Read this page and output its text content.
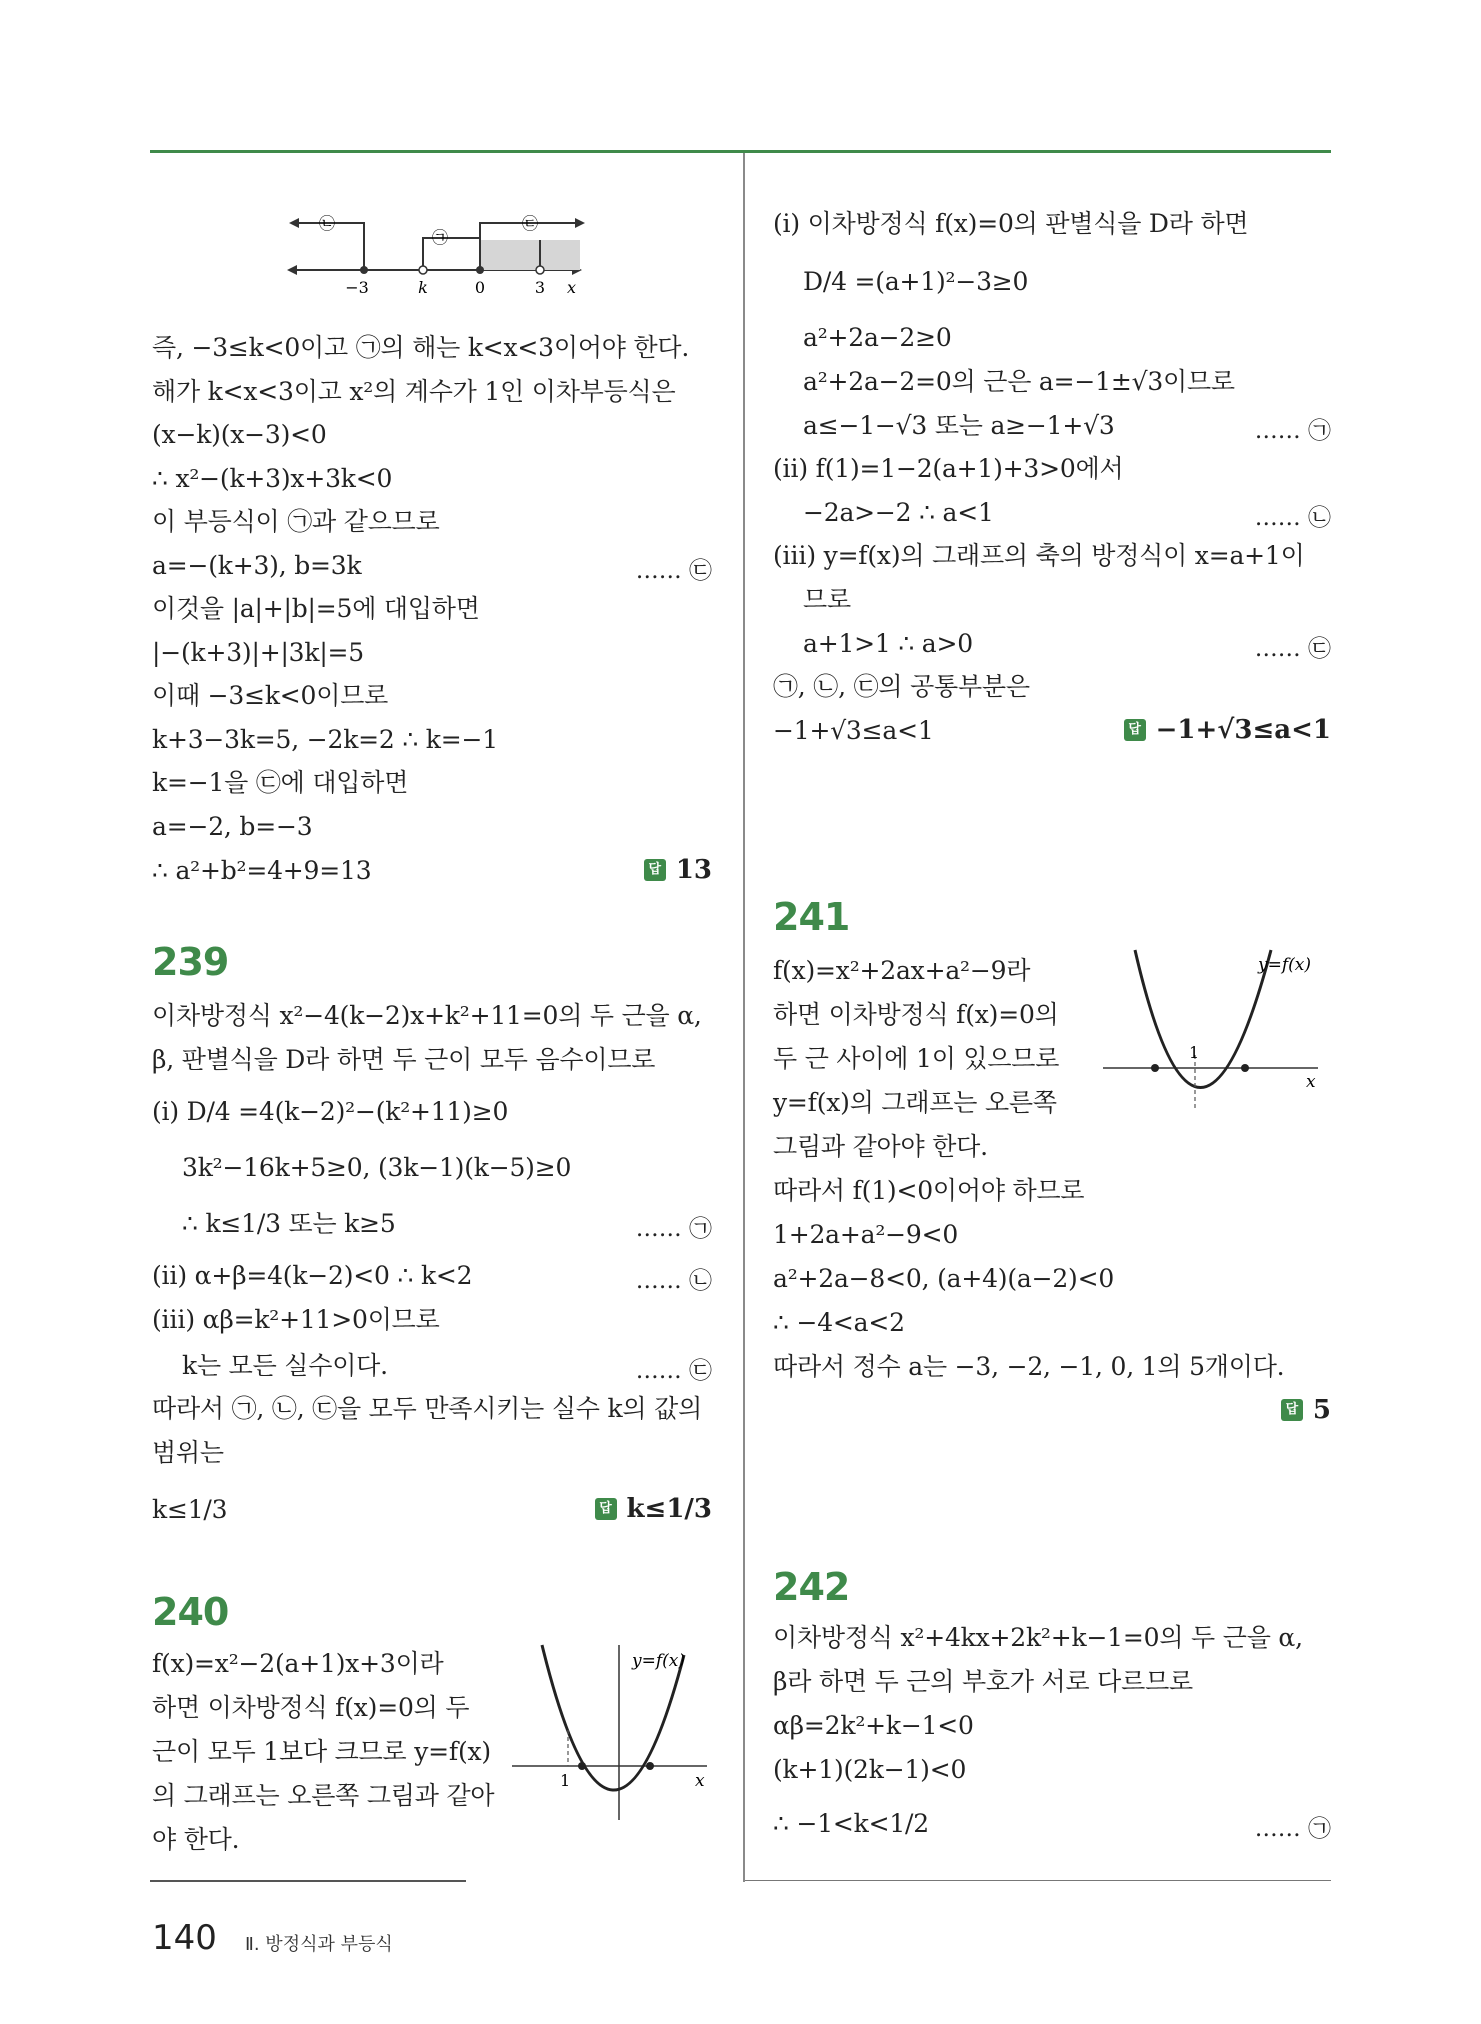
㉡
㉠
㉢
−3	k	0	3 x
즉, −3≤k<0이고 ㉠의 해는 k<x<3이어야 한다.
해가 k<x<3이고 x²의 계수가 1인 이차부등식은
(x−k)(x−3)<0
∴ x²−(k+3)x+3k<0
이 부등식이 ㉠과 같으므로
a=−(k+3), b=3k	…… ㉢
이것을 |a|+|b|=5에 대입하면
|−(k+3)|+|3k|=5
이때 −3≤k<0이므로
k+3−3k=5, −2k=2 ∴ k=−1
k=−1을 ㉢에 대입하면
a=−2, b=−3
∴ a²+b²=4+9=13	답 13
239
이차방정식 x²−4(k−2)x+k²+11=0의 두 근을 α,
β, 판별식을 D라 하면 두 근이 모두 음수이므로
(ⅰ) D/4 =4(k−2)²−(k²+11)≥0
3k²−16k+5≥0, (3k−1)(k−5)≥0
∴ k≤1/3 또는 k≥5	…… ㉠
(ⅱ) α+β=4(k−2)<0 ∴ k<2	…… ㉡
(ⅲ) αβ=k²+11>0이므로
k는 모든 실수이다.	…… ㉢
따라서 ㉠, ㉡, ㉢을 모두 만족시키는 실수 k의 값의
범위는
k≤1/3	답 k≤1/3
240
f(x)=x²−2(a+1)x+3이라
하면 이차방정식 f(x)=0의 두
근이 모두 1보다 크므로 y=f(x)
의 그래프는 오른쪽 그림과 같아
야 한다.
y=f(x)
1	x
(ⅰ) 이차방정식 f(x)=0의 판별식을 D라 하면
D/4 =(a+1)²−3≥0
a²+2a−2≥0
a²+2a−2=0의 근은 a=−1±√3이므로
a≤−1−√3 또는 a≥−1+√3	…… ㉠
(ⅱ) f(1)=1−2(a+1)+3>0에서
−2a>−2 ∴ a<1	…… ㉡
(ⅲ) y=f(x)의 그래프의 축의 방정식이 x=a+1이
므로
a+1>1 ∴ a>0	…… ㉢
㉠, ㉡, ㉢의 공통부분은
−1+√3≤a<1	답 −1+√3≤a<1
241
f(x)=x²+2ax+a²−9라
하면 이차방정식 f(x)=0의
두 근 사이에 1이 있으므로
y=f(x)의 그래프는 오른쪽
그림과 같아야 한다.
따라서 f(1)<0이어야 하므로
1+2a+a²−9<0
a²+2a−8<0, (a+4)(a−2)<0
∴ −4<a<2
따라서 정수 a는 −3, −2, −1, 0, 1의 5개이다.
답 5
y=f(x)
1
x
242
이차방정식 x²+4kx+2k²+k−1=0의 두 근을 α,
β라 하면 두 근의 부호가 서로 다르므로
αβ=2k²+k−1<0
(k+1)(2k−1)<0
∴ −1<k<1/2	…… ㉠
140 Ⅱ. 방정식과 부등식
